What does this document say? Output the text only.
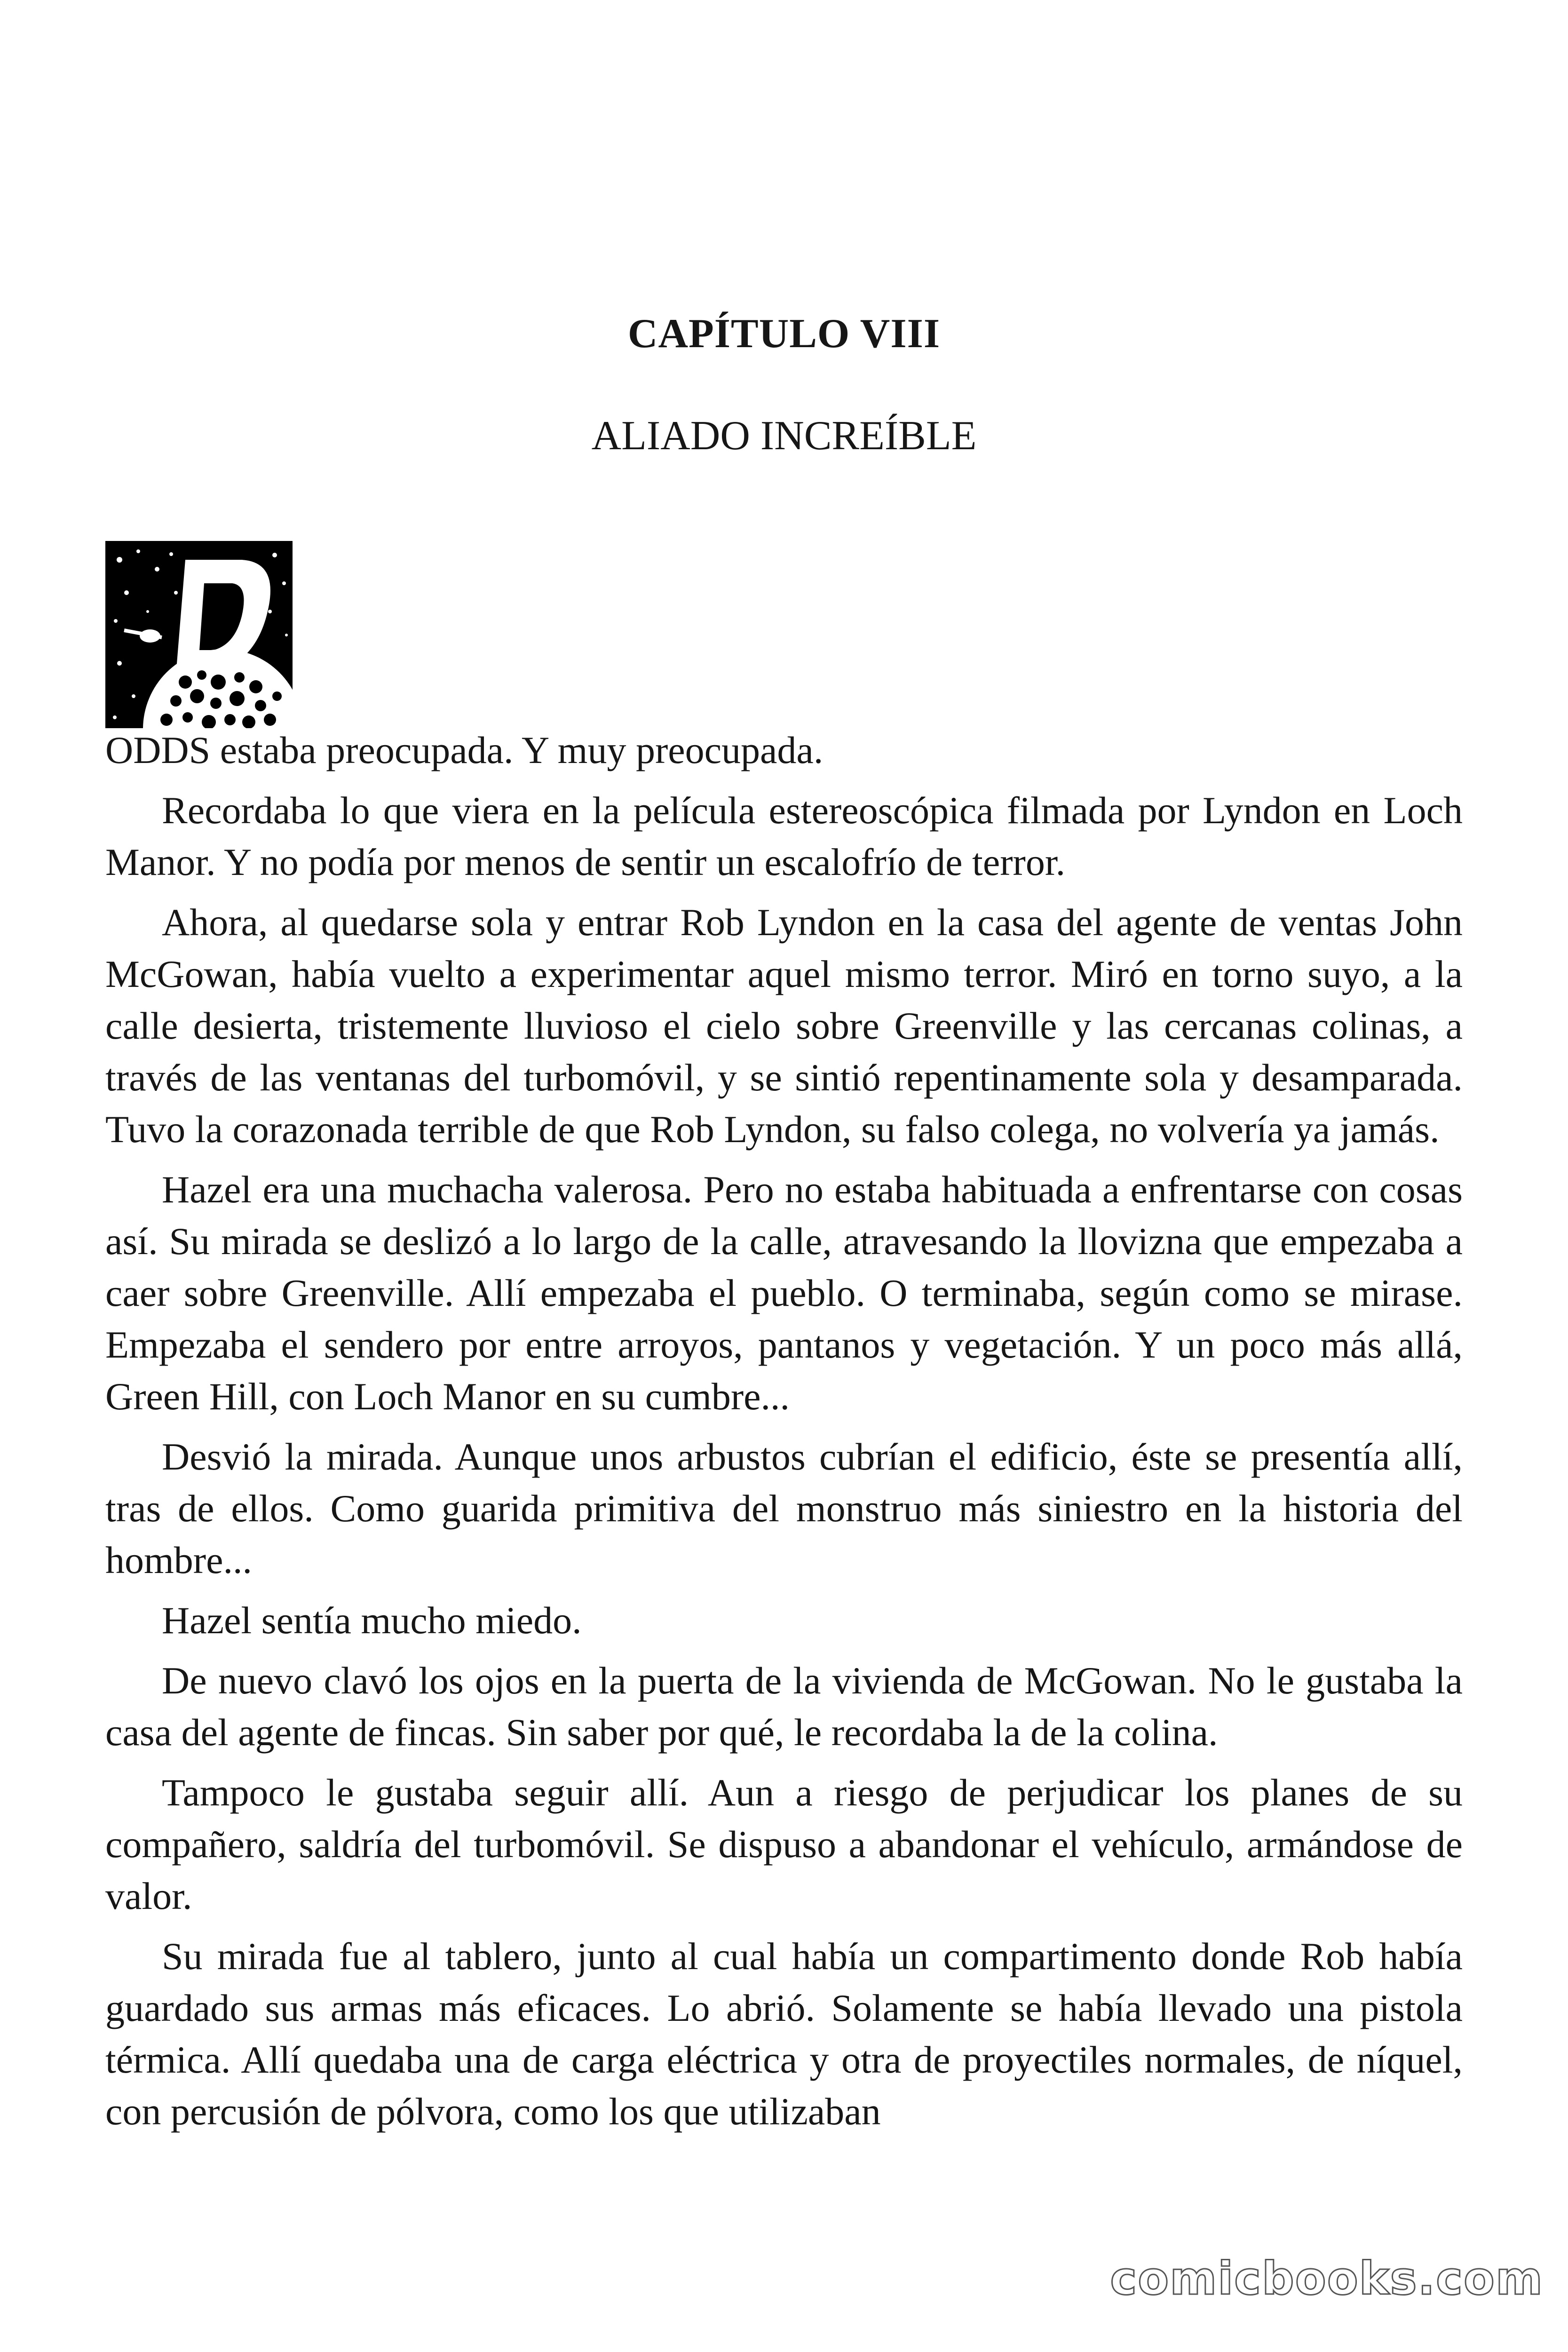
CAPÍTULO VIII
ALIADO INCREÍBLE

ODDS estaba preocupada. Y muy preocupada.

Recordaba lo que viera en la película estereoscópica filmada por Lyndon en Loch Manor. Y no podía por menos de sentir un escalofrío de terror.

Ahora, al quedarse sola y entrar Rob Lyndon en la casa del agente de ventas John McGowan, había vuelto a experimentar aquel mismo terror. Miró en torno suyo, a la calle desierta, tristemente lluvioso el cielo sobre Greenville y las cercanas colinas, a través de las ventanas del turbomóvil, y se sintió repentinamente sola y desamparada. Tuvo la corazonada terrible de que Rob Lyndon, su falso colega, no volvería ya jamás.

Hazel era una muchacha valerosa. Pero no estaba habituada a enfrentarse con cosas así. Su mirada se deslizó a lo largo de la calle, atravesando la llovizna que empezaba a caer sobre Greenville. Allí empezaba el pueblo. O terminaba, según como se mirase. Empezaba el sendero por entre arroyos, pantanos y vegetación. Y un poco más allá, Green Hill, con Loch Manor en su cumbre...

Desvió la mirada. Aunque unos arbustos cubrían el edificio, éste se presentía allí, tras de ellos. Como guarida primitiva del monstruo más siniestro en la historia del hombre...

Hazel sentía mucho miedo.

De nuevo clavó los ojos en la puerta de la vivienda de McGowan. No le gustaba la casa del agente de fincas. Sin saber por qué, le recordaba la de la colina.

Tampoco le gustaba seguir allí. Aun a riesgo de perjudicar los planes de su compañero, saldría del turbomóvil. Se dispuso a abandonar el vehículo, armándose de valor.

Su mirada fue al tablero, junto al cual había un compartimento donde Rob había guardado sus armas más eficaces. Lo abrió. Solamente se había llevado una pistola térmica. Allí quedaba una de carga eléctrica y otra de proyectiles normales, de níquel, con percusión de pólvora, como los que utilizaban

comicbooks.com
